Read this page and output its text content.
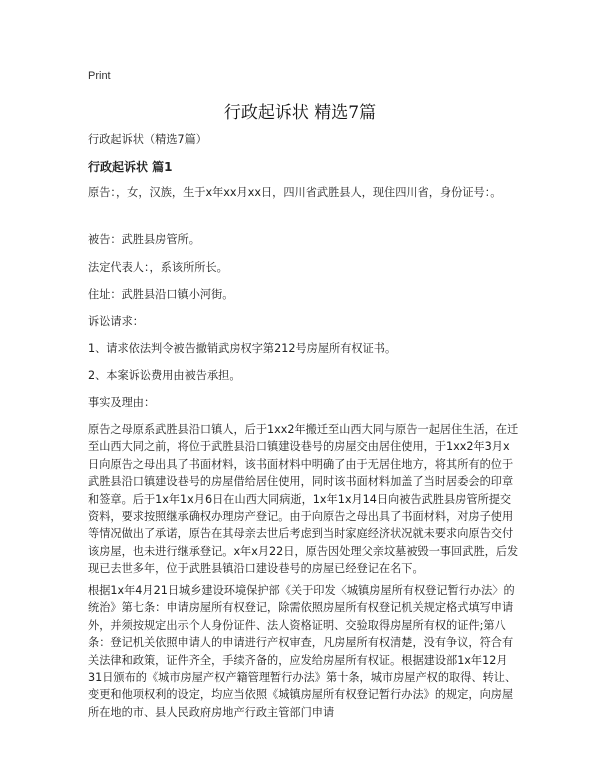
Print
行政起诉状 精选7篇
行政起诉状（精选7篇）
行政起诉状 篇1
原告：，女，汉族，生于x年xx月xx日，四川省武胜县人，现住四川省，身份证号：。
被告：武胜县房管所。
法定代表人：，系该所所长。
住址：武胜县沿口镇小河街。
诉讼请求：
1、请求依法判令被告撤销武房权字第212号房屋所有权证书。
2、本案诉讼费用由被告承担。
事实及理由：
原告之母原系武胜县沿口镇人，后于1xx2年搬迁至山西大同与原告一起居住生活，在迁至山西大同之前，将位于武胜县沿口镇建设巷号的房屋交由居住使用，于1xx2年3月x日向原告之母出具了书面材料，该书面材料中明确了由于无居住地方，将其所有的位于武胜县沿口镇建设巷号的房屋借给居住使用，同时该书面材料加盖了当时居委会的印章和签章。后于1x年1x月6日在山西大同病逝，1x年1x月14日向被告武胜县房管所提交资料，要求按照继承确权办理房产登记。由于向原告之母出具了书面材料，对房子使用等情况做出了承诺，原告在其母亲去世后考虑到当时家庭经济状况就未要求向原告交付该房屋，也未进行继承登记。x年x月22日，原告因处理父亲坟墓被毁一事回武胜，后发现已去世多年，位于武胜县镇沿口建设巷号的房屋已经登记在名下。
根据1x年4月21日城乡建设环境保护部《关于印发〈城镇房屋所有权登记暂行办法〉的统治》第七条：申请房屋所有权登记，除需依照房屋所有权登记机关规定格式填写申请外，并须按规定出示个人身份证件、法人资格证明、交验取得房屋所有权的证件;第八条：登记机关依照申请人的申请进行产权审查，凡房屋所有权清楚，没有争议，符合有关法律和政策，证件齐全，手续齐备的，应发给房屋所有权证。根据建设部1x年12月31日颁布的《城市房屋产权产籍管理暂行办法》第十条，城市房屋产权的取得、转让、变更和他项权利的设定，均应当依照《城镇房屋所有权登记暂行办法》的规定，向房屋所在地的市、县人民政府房地产行政主管部门申请
